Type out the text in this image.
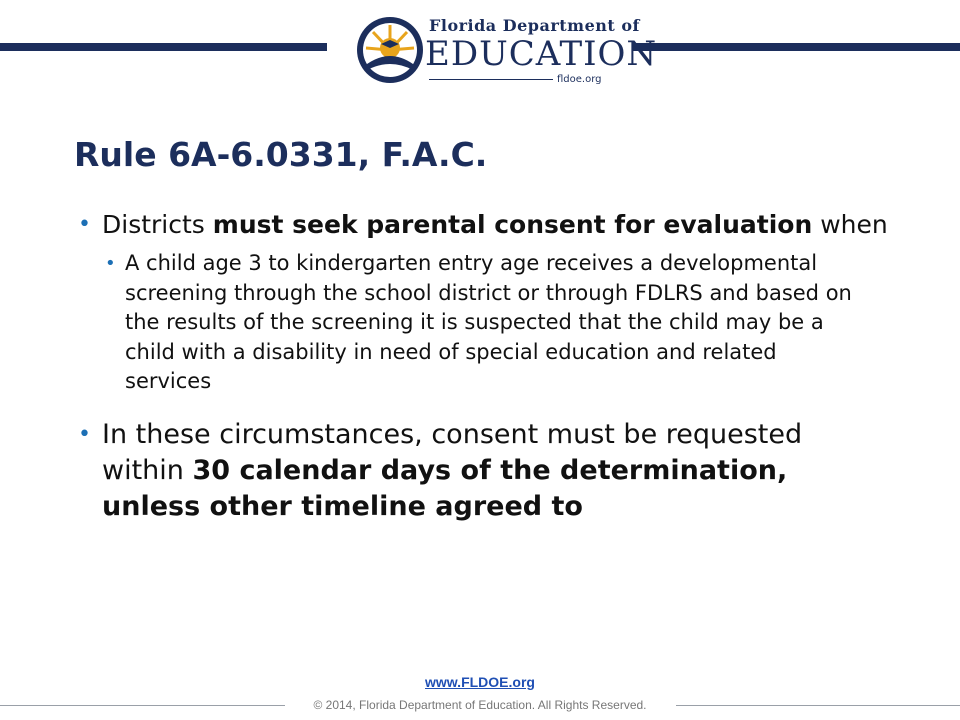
Florida Department of
EDUCATION
fldoe.org
Rule 6A-6.0331, F.A.C.

• Districts must seek parental consent for evaluation when

• A child age 3 to kindergarten entry age receives a developmental screening through the school district or through FDLRS and based on the results of the screening it is suspected that the child may be a child with a disability in need of special education and related services

• In these circumstances, consent must be requested within 30 calendar days of the determination, unless other timeline agreed to

www.FLDOE.org
© 2014, Florida Department of Education. All Rights Reserved.
